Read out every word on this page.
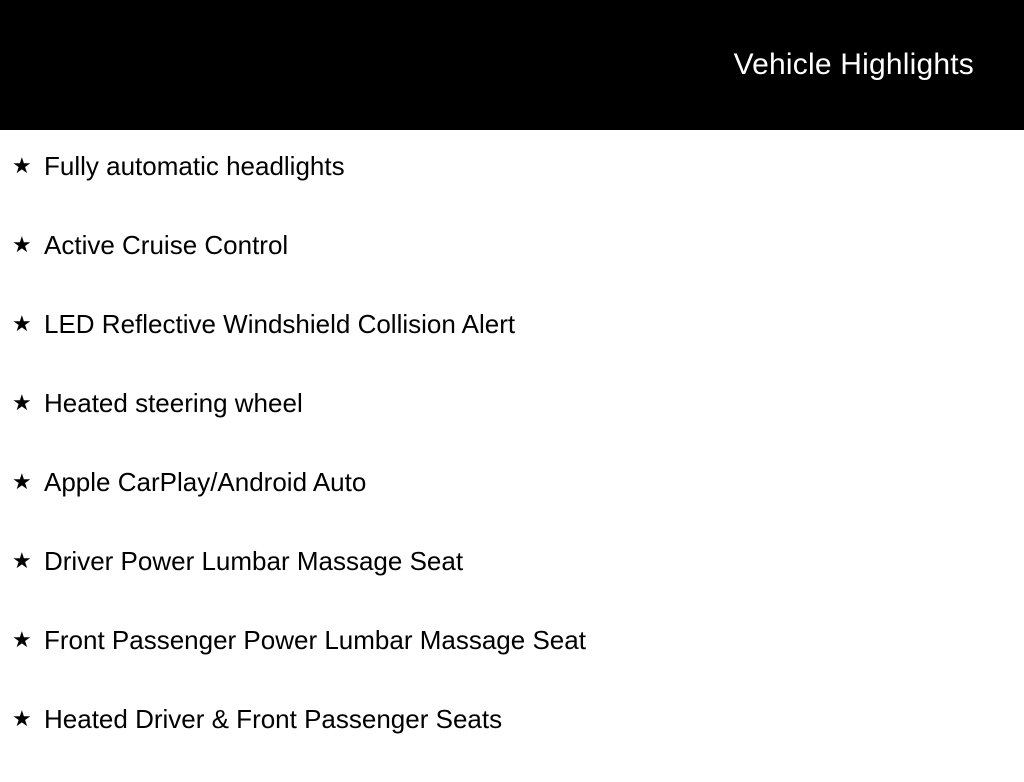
Vehicle Highlights
★ Fully automatic headlights
★ Active Cruise Control
★ LED Reflective Windshield Collision Alert
★ Heated steering wheel
★ Apple CarPlay/Android Auto
★ Driver Power Lumbar Massage Seat
★ Front Passenger Power Lumbar Massage Seat
★ Heated Driver & Front Passenger Seats
